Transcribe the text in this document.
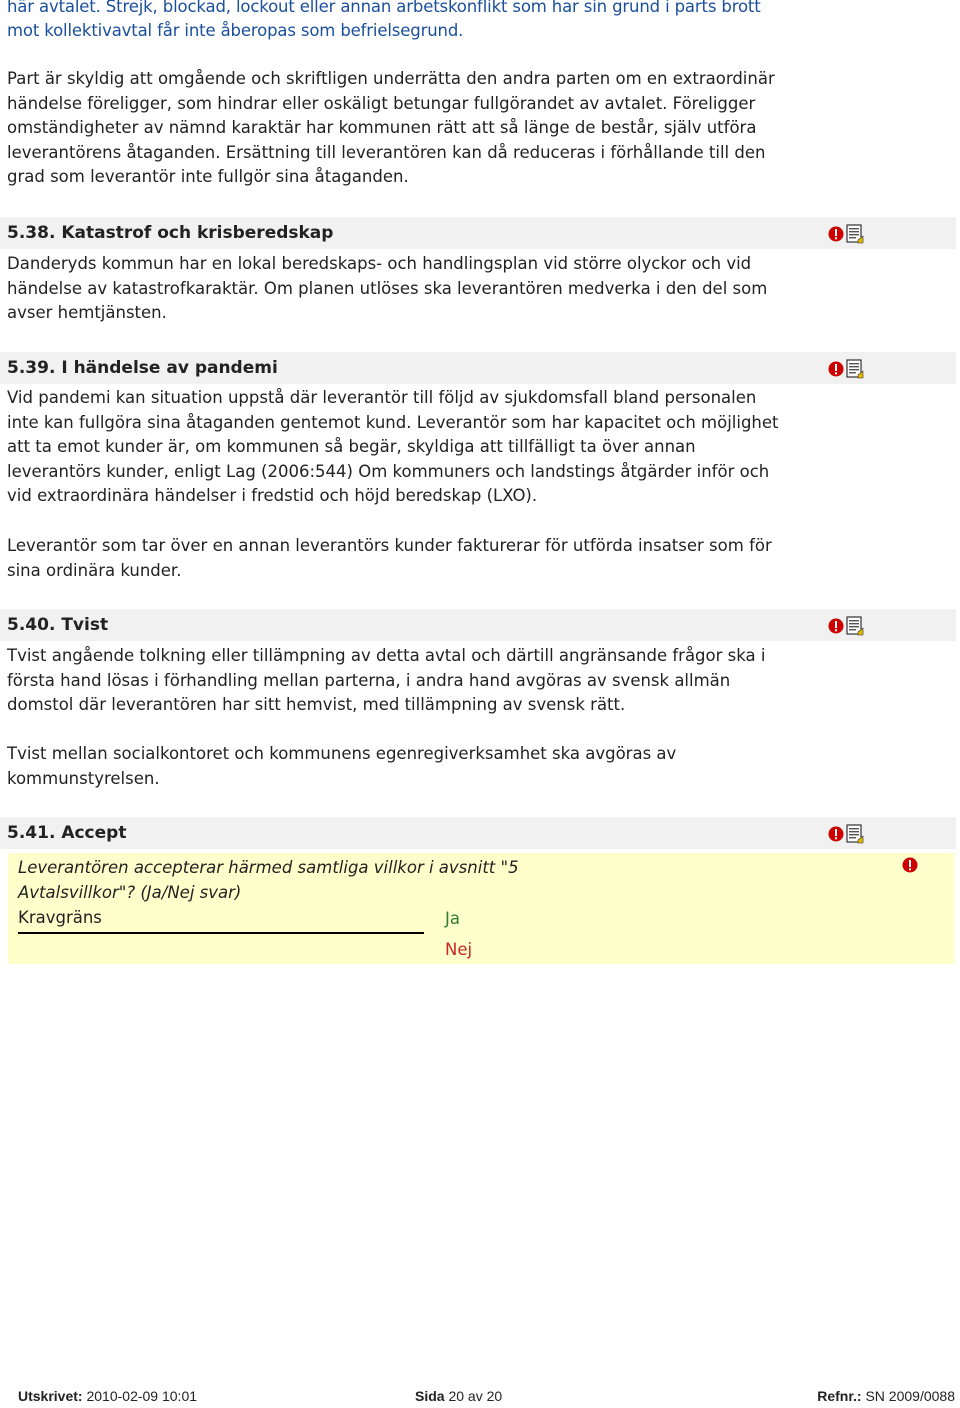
här avtalet. Strejk, blockad, lockout eller annan arbetskonflikt som har sin grund i parts brott

mot kollektivavtal får inte åberopas som befrielsegrund.

Part är skyldig att omgående och skriftligen underrätta den andra parten om en extraordinär händelse föreligger, som hindrar eller oskäligt betungar fullgörandet av avtalet. Föreligger omständigheter av nämnd karaktär har kommunen rätt att så länge de består, själv utföra leverantörens åtaganden. Ersättning till leverantören kan då reduceras i förhållande till den grad som leverantör inte fullgör sina åtaganden.

5.38. Katastrof och krisberedskap

Danderyds kommun har en lokal beredskaps- och handlingsplan vid större olyckor och vid händelse av katastrofkaraktär. Om planen utlöses ska leverantören medverka i den del som avser hemtjänsten.

5.39. I händelse av pandemi

Vid pandemi kan situation uppstå där leverantör till följd av sjukdomsfall bland personalen inte kan fullgöra sina åtaganden gentemot kund. Leverantör som har kapacitet och möjlighet att ta emot kunder är, om kommunen så begär, skyldiga att tillfälligt ta över annan leverantörs kunder, enligt Lag (2006:544) Om kommuners och landstings åtgärder inför och vid extraordinära händelser i fredstid och höjd beredskap (LXO).

Leverantör som tar över en annan leverantörs kunder fakturerar för utförda insatser som för sina ordinära kunder.

5.40. Tvist

Tvist angående tolkning eller tillämpning av detta avtal och därtill angränsande frågor ska i första hand lösas i förhandling mellan parterna, i andra hand avgöras av svensk allmän domstol där leverantören har sitt hemvist, med tillämpning av svensk rätt.

Tvist mellan socialkontoret och kommunens egenregiverksamhet ska avgöras av kommunstyrelsen.

5.41. Accept
Leverantören accepterar härmed samtliga villkor i avsnitt "5 Avtalsvillkor"? (Ja/Nej svar)
Kravgräns	Ja
Nej
Utskrivet: 2010-02-09 10:01	Sida 20 av 20	Refnr.: SN 2009/0088
